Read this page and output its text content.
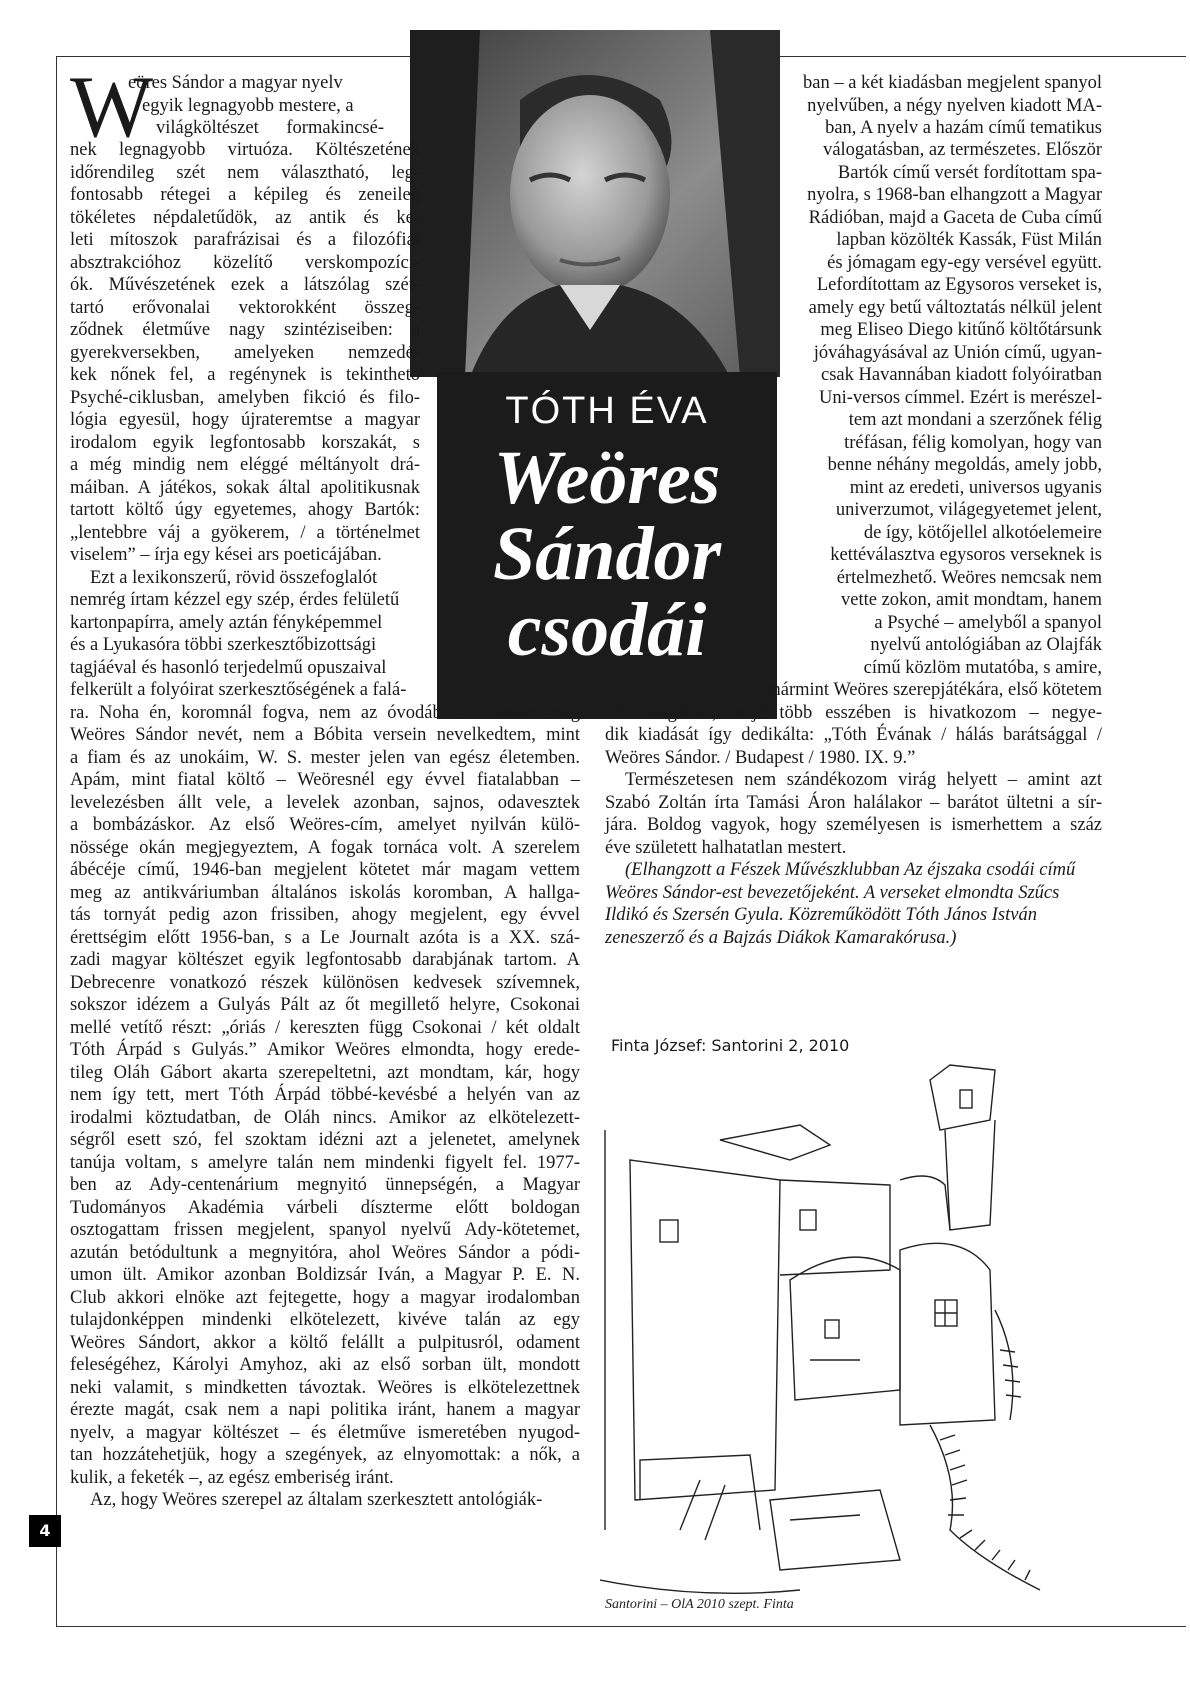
TÓTH ÉVA
Weöres
Sándor
csodái
W
eöres Sándor a magyar nyelv
egyik legnagyobb mestere, a
világköltészet formakincsé-
nek legnagyobb virtuóza. Költészetének
időrendileg szét nem választható, leg-
fontosabb rétegei a képileg és zeneileg
tökéletes népdaletűdök, az antik és ke-
leti mítoszok parafrázisai és a filozófiai
absztrakcióhoz közelítő verskompozíci-
ók. Művészetének ezek a látszólag szét-
tartó erővonalai vektorokként összeg-
ződnek életműve nagy szintéziseiben: a
gyerekversekben, amelyeken nemzedé-
kek nőnek fel, a regénynek is tekinthető
Psyché-ciklusban, amelyben fikció és filo-
lógia egyesül, hogy újrateremtse a magyar
irodalom egyik legfontosabb korszakát, s
a még mindig nem eléggé méltányolt drá-
máiban. A játékos, sokak által apolitikusnak
tartott költő úgy egyetemes, ahogy Bartók:
„lentebbre váj a gyökerem, / a történelmet
viselem” – írja egy kései ars poeticájában.
Ezt a lexikonszerű, rövid összefoglalót
nemrég írtam kézzel egy szép, érdes felületű
kartonpapírra, amely aztán fényképemmel
és a Lyukasóra többi szerkesztőbizottsági
tagjáéval és hasonló terjedelmű opuszaival
felkerült a folyóirat szerkesztőségének a falá-
ra. Noha én, koromnál fogva, nem az óvodában ismertem meg
Weöres Sándor nevét, nem a Bóbita versein nevelkedtem, mint
a fiam és az unokáim, W. S. mester jelen van egész életemben.
Apám, mint fiatal költő – Weöresnél egy évvel fiatalabban –
levelezésben állt vele, a levelek azonban, sajnos, odavesztek
a bombázáskor. Az első Weöres-cím, amelyet nyilván külö-
nössége okán megjegyeztem, A fogak tornáca volt. A szerelem
ábécéje című, 1946-ban megjelent kötetet már magam vettem
meg az antikváriumban általános iskolás koromban, A hallga-
tás tornyát pedig azon frissiben, ahogy megjelent, egy évvel
érettségim előtt 1956-ban, s a Le Journalt azóta is a XX. szá-
zadi magyar költészet egyik legfontosabb darabjának tartom. A
Debrecenre vonatkozó részek különösen kedvesek szívemnek,
sokszor idézem a Gulyás Pált az őt megillető helyre, Csokonai
mellé vetítő részt: „óriás / kereszten függ Csokonai / két oldalt
Tóth Árpád s Gulyás.” Amikor Weöres elmondta, hogy erede-
tileg Oláh Gábort akarta szerepeltetni, azt mondtam, kár, hogy
nem így tett, mert Tóth Árpád többé-kevésbé a helyén van az
irodalmi köztudatban, de Oláh nincs. Amikor az elkötelezett-
ségről esett szó, fel szoktam idézni azt a jelenetet, amelynek
tanúja voltam, s amelyre talán nem mindenki figyelt fel. 1977-
ben az Ady-centenárium megnyitó ünnepségén, a Magyar
Tudományos Akadémia várbeli díszterme előtt boldogan
osztogattam frissen megjelent, spanyol nyelvű Ady-kötetemet,
azután betódultunk a megnyitóra, ahol Weöres Sándor a pódi-
umon ült. Amikor azonban Boldizsár Iván, a Magyar P. E. N.
Club akkori elnöke azt fejtegette, hogy a magyar irodalomban
tulajdonképpen mindenki elkötelezett, kivéve talán az egy
Weöres Sándort, akkor a költő felállt a pulpitusról, odament
feleségéhez, Károlyi Amyhoz, aki az első sorban ült, mondott
neki valamit, s mindketten távoztak. Weöres is elkötelezettnek
érezte magát, csak nem a napi politika iránt, hanem a magyar
nyelv, a magyar költészet – és életműve ismeretében nyugod-
tan hozzátehetjük, hogy a szegények, az elnyomottak: a nők, a
kulik, a feketék –, az egész emberiség iránt.
Az, hogy Weöres szerepel az általam szerkesztett antológiák-
ban – a két kiadásban megjelent spanyol
nyelvűben, a négy nyelven kiadott MA-
ban, A nyelv a hazám című tematikus
válogatásban, az természetes. Először
Bartók című versét fordítottam spa-
nyolra, s 1968-ban elhangzott a Magyar
Rádióban, majd a Gaceta de Cuba című
lapban közölték Kassák, Füst Milán
és jómagam egy-egy versével együtt.
Lefordítottam az Egysoros verseket is,
amely egy betű változtatás nélkül jelent
meg Eliseo Diego kitűnő költőtársunk
jóváhagyásával az Unión című, ugyan-
csak Havannában kiadott folyóiratban
Uni-versos címmel. Ezért is merészel-
tem azt mondani a szerzőnek félig
tréfásan, félig komolyan, hogy van
benne néhány megoldás, amely jobb,
mint az eredeti, universos ugyanis
univerzumot, világegyetemet jelent,
de így, kötőjellel alkotóelemeire
kettéválasztva egysoros verseknek is
értelmezhető. Weöres nemcsak nem
vette zokon, amit mondtam, hanem
a Psyché – amelyből a spanyol
nyelvű antológiában az Olajfák
című közlöm mutatóba, s amire,
mármint Weöres szerepjátékára, első kötetem
fülszövegében, majd több esszében is hivatkozom – negye-
dik kiadását így dedikálta: „Tóth Évának / hálás barátsággal /
Weöres Sándor. / Budapest / 1980. IX. 9.”
Természetesen nem szándékozom virág helyett – amint azt
Szabó Zoltán írta Tamási Áron halálakor – barátot ültetni a sír-
jára. Boldog vagyok, hogy személyesen is ismerhettem a száz
éve született halhatatlan mestert.
(Elhangzott a Fészek Művészklubban Az éjszaka csodái című
Weöres Sándor-est bevezetőjeként. A verseket elmondta Szűcs
Ildikó és Szersén Gyula. Közreműködött Tóth János István
zeneszerző és a Bajzás Diákok Kamarakórusa.)
Finta József: Santorini 2, 2010
Santorini – OlA 2010 szept. Finta
4
